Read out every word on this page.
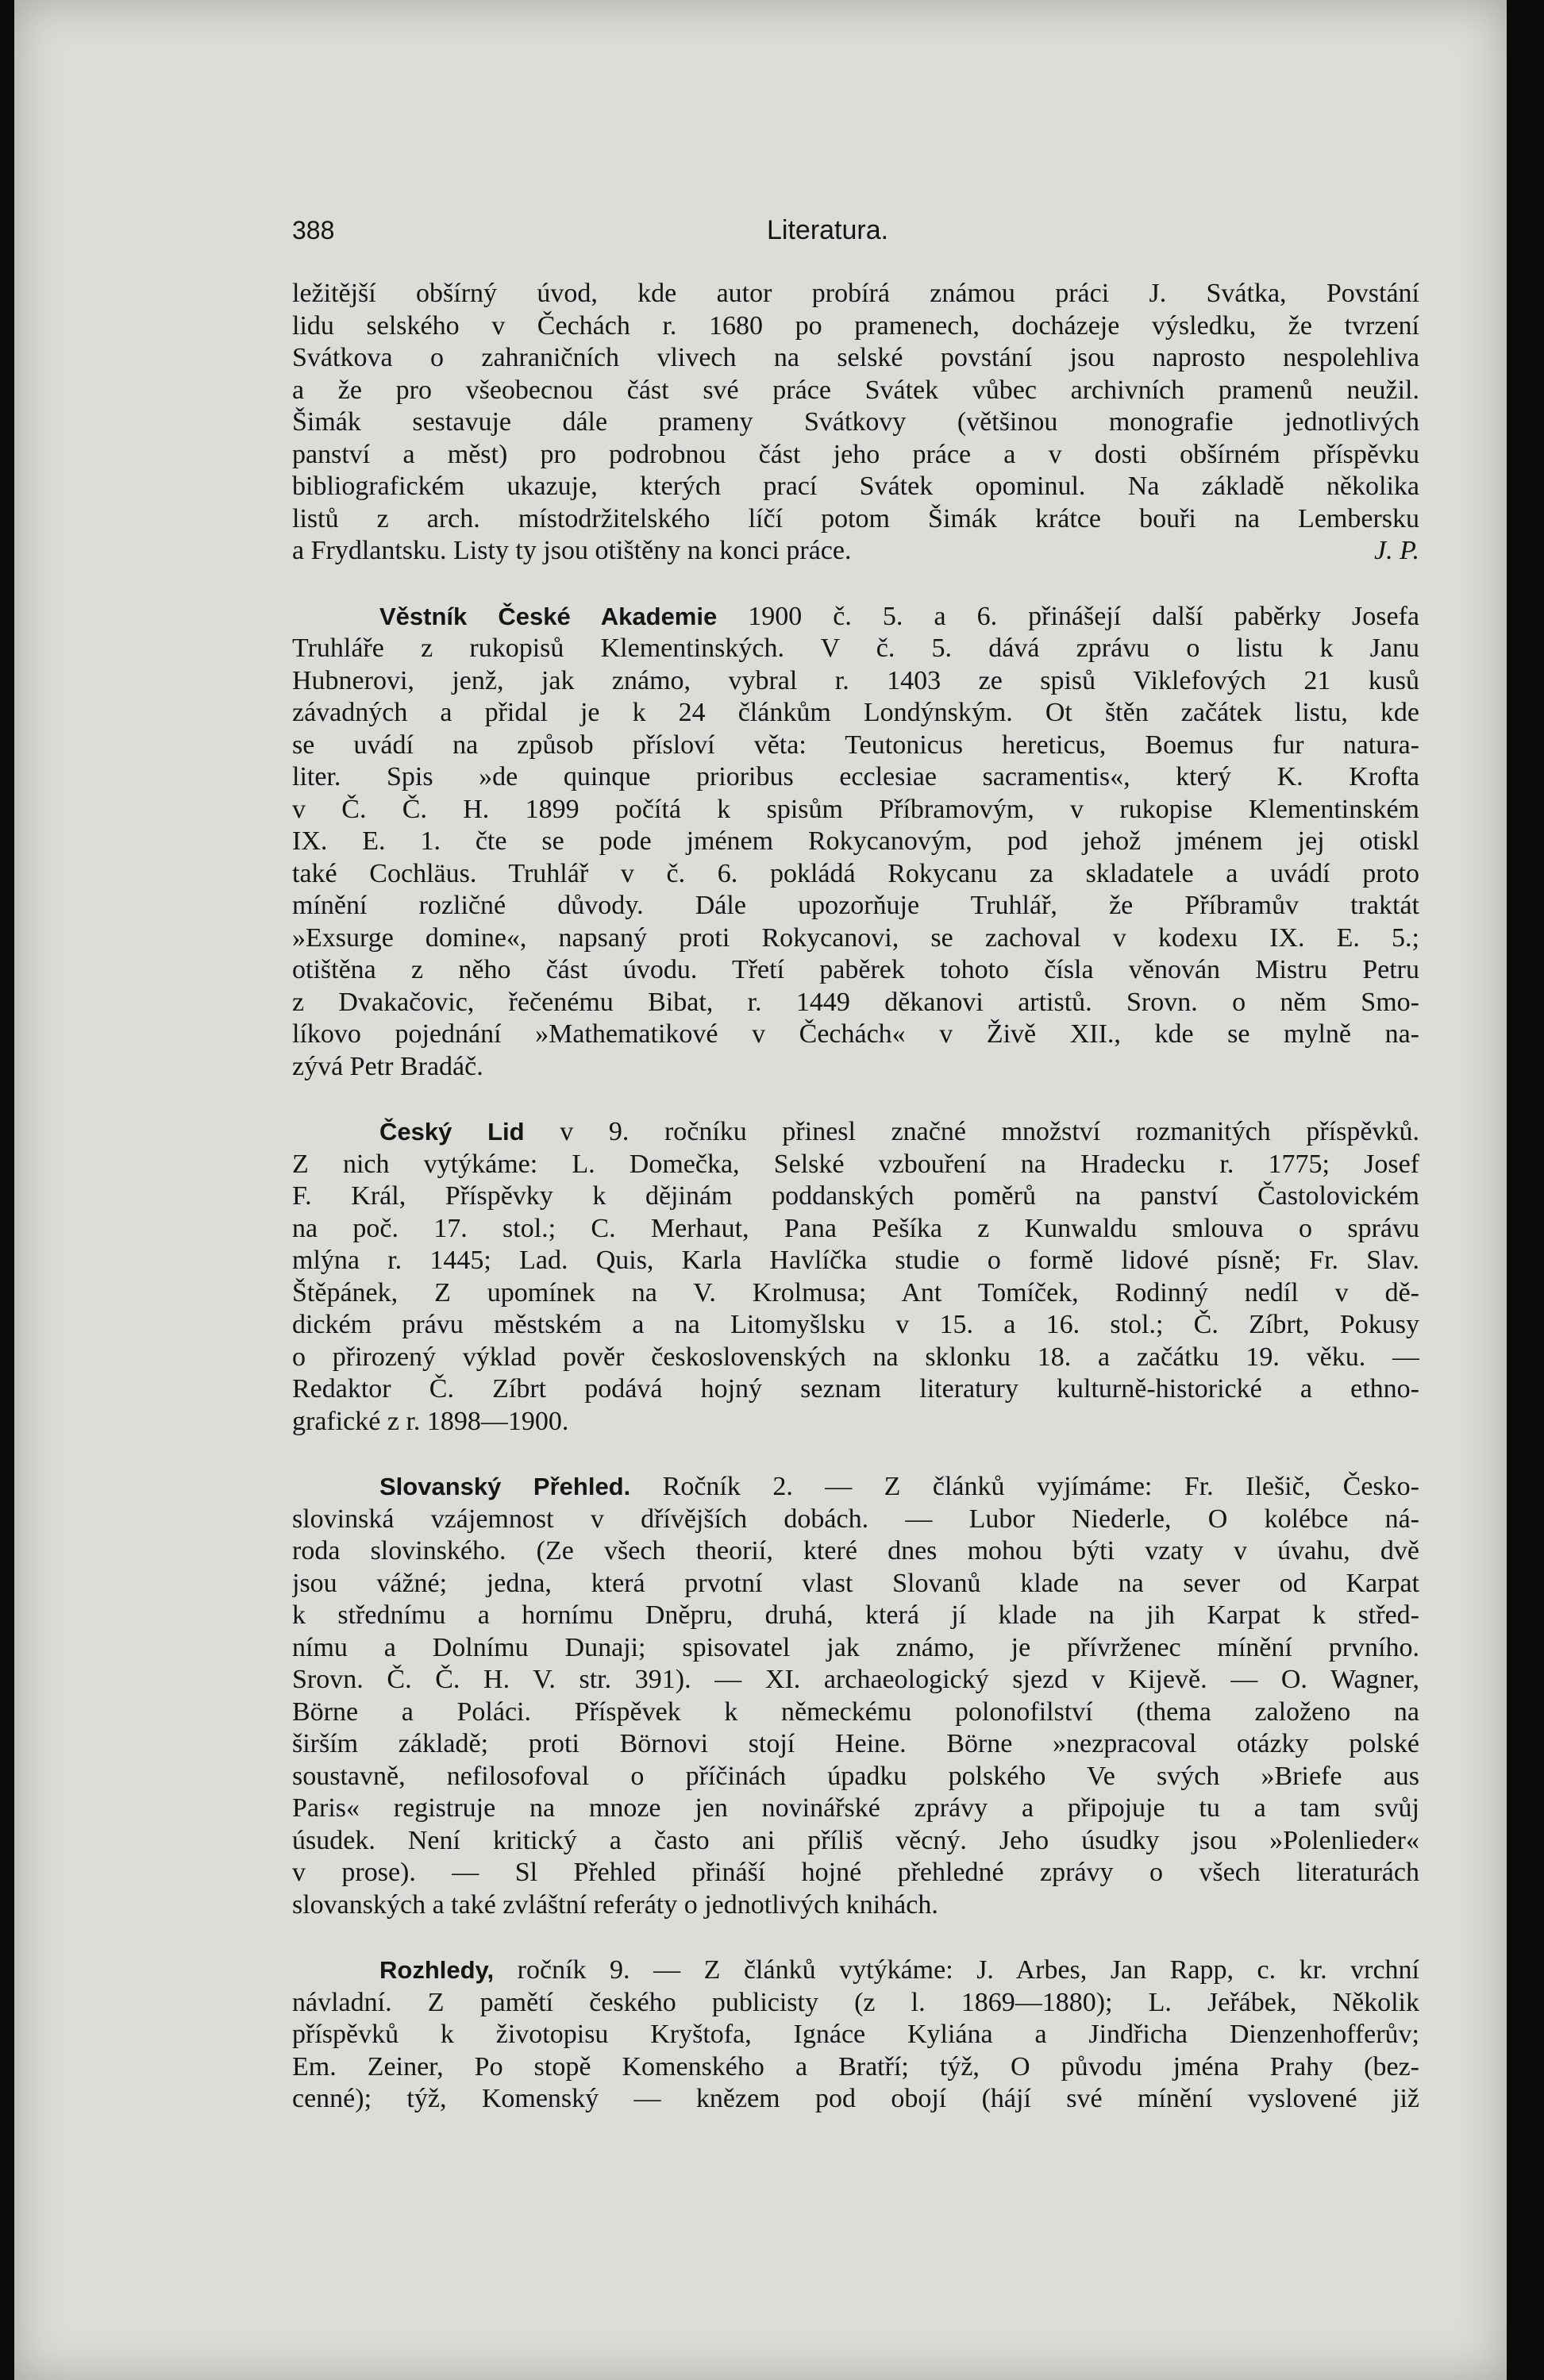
388	Literatura.
ležitější obšírný úvod, kde autor probírá známou práci J. Svátka, Povstání
lidu selského v Čechách r. 1680 po pramenech, docházeje výsledku, že tvrzení
Svátkova o zahraničních vlivech na selské povstání jsou naprosto nespolehliva
a že pro všeobecnou část své práce Svátek vůbec archivních pramenů neužil.
Šimák sestavuje dále prameny Svátkovy (většinou monografie jednotlivých
panství a měst) pro podrobnou část jeho práce a v dosti obšírném příspěvku
bibliografickém ukazuje, kterých prací Svátek opominul. Na základě několika
listů z arch. místodržitelského líčí potom Šimák krátce bouři na Lembersku
a Frydlantsku. Listy ty jsou otištěny na konci práce.	J. P.
Věstník České Akademie 1900 č. 5. a 6. přinášejí další paběrky Josefa
Truhláře z rukopisů Klementinských. V č. 5. dává zprávu o listu k Janu
Hubnerovi, jenž, jak známo, vybral r. 1403 ze spisů Viklefových 21 kusů
závadných a přidal je k 24 článkům Londýnským. Ot štěn začátek listu, kde
se uvádí na způsob přísloví věta: Teutonicus hereticus, Boemus fur natura-
liter. Spis »de quinque prioribus ecclesiae sacramentis«, který K. Krofta
v Č. Č. H. 1899 počítá k spisům Příbramovým, v rukopise Klementinském
IX. E. 1. čte se pode jménem Rokycanovým, pod jehož jménem jej otiskl
také Cochläus. Truhlář v č. 6. pokládá Rokycanu za skladatele a uvádí proto
mínění rozličné důvody. Dále upozorňuje Truhlář, že Příbramův traktát
»Exsurge domine«, napsaný proti Rokycanovi, se zachoval v kodexu IX. E. 5.;
otištěna z něho část úvodu. Třetí paběrek tohoto čísla věnován Mistru Petru
z Dvakačovic, řečenému Bibat, r. 1449 děkanovi artistů. Srovn. o něm Smo-
líkovo pojednání »Mathematikové v Čechách« v Živě XII., kde se mylně na-
zývá Petr Bradáč.
Český Lid v 9. ročníku přinesl značné množství rozmanitých příspěvků.
Z nich vytýkáme: L. Domečka, Selské vzbouření na Hradecku r. 1775; Josef
F. Král, Příspěvky k dějinám poddanských poměrů na panství Častolovickém
na poč. 17. stol.; C. Merhaut, Pana Pešíka z Kunwaldu smlouva o správu
mlýna r. 1445; Lad. Quis, Karla Havlíčka studie o formě lidové písně; Fr. Slav.
Štěpánek, Z upomínek na V. Krolmusa; Ant Tomíček, Rodinný nedíl v dě-
dickém právu městském a na Litomyšlsku v 15. a 16. stol.; Č. Zíbrt, Pokusy
o přirozený výklad pověr československých na sklonku 18. a začátku 19. věku. —
Redaktor Č. Zíbrt podává hojný seznam literatury kulturně-historické a ethno-
grafické z r. 1898—1900.
Slovanský Přehled. Ročník 2. — Z článků vyjímáme: Fr. Ilešič, Česko-
slovinská vzájemnost v dřívějších dobách. — Lubor Niederle, O kolébce ná-
roda slovinského. (Ze všech theorií, které dnes mohou býti vzaty v úvahu, dvě
jsou vážné; jedna, která prvotní vlast Slovanů klade na sever od Karpat
k střednímu a hornímu Dněpru, druhá, která jí klade na jih Karpat k střed-
nímu a Dolnímu Dunaji; spisovatel jak známo, je přívrženec mínění prvního.
Srovn. Č. Č. H. V. str. 391). — XI. archaeologický sjezd v Kijevě. — O. Wagner,
Börne a Poláci. Příspěvek k německému polonofilství (thema založeno na
širším základě; proti Börnovi stojí Heine. Börne »nezpracoval otázky polské
soustavně, nefilosofoval o příčinách úpadku polského Ve svých »Briefe aus
Paris« registruje na mnoze jen novinářské zprávy a připojuje tu a tam svůj
úsudek. Není kritický a často ani příliš věcný. Jeho úsudky jsou »Polenlieder«
v prose). — Sl Přehled přináší hojné přehledné zprávy o všech literaturách
slovanských a také zvláštní referáty o jednotlivých knihách.
Rozhledy, ročník 9. — Z článků vytýkáme: J. Arbes, Jan Rapp, c. kr. vrchní
návladní. Z pamětí českého publicisty (z l. 1869—1880); L. Jeřábek, Několik
příspěvků k životopisu Kryštofa, Ignáce Kyliána a Jindřicha Dienzenhofferův;
Em. Zeiner, Po stopě Komenského a Bratří; týž, O původu jména Prahy (bez-
cenné); týž, Komenský — knězem pod obojí (hájí své mínění vyslovené již
